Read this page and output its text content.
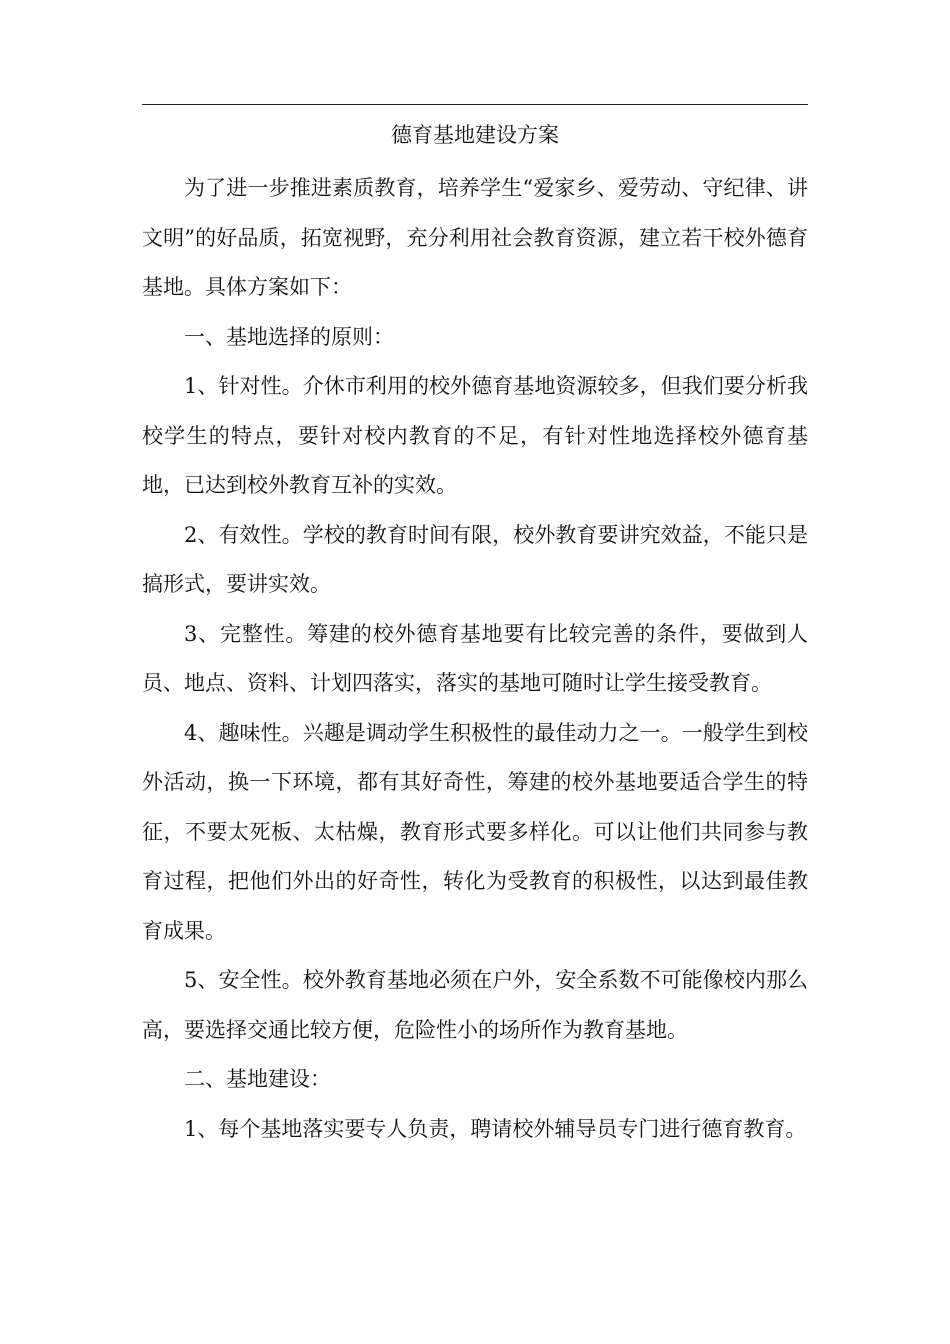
德育基地建设方案

为了进一步推进素质教育，培养学生“爱家乡、爱劳动、守纪律、讲文明”的好品质，拓宽视野，充分利用社会教育资源，建立若干校外德育基地。具体方案如下：

一、基地选择的原则：

1、针对性。介休市利用的校外德育基地资源较多，但我们要分析我校学生的特点，要针对校内教育的不足，有针对性地选择校外德育基地，已达到校外教育互补的实效。

2、有效性。学校的教育时间有限，校外教育要讲究效益，不能只是搞形式，要讲实效。

3、完整性。筹建的校外德育基地要有比较完善的条件，要做到人员、地点、资料、计划四落实，落实的基地可随时让学生接受教育。

4、趣味性。兴趣是调动学生积极性的最佳动力之一。一般学生到校外活动，换一下环境，都有其好奇性，筹建的校外基地要适合学生的特征，不要太死板、太枯燥，教育形式要多样化。可以让他们共同参与教育过程，把他们外出的好奇性，转化为受教育的积极性，以达到最佳教育成果。

5、安全性。校外教育基地必须在户外，安全系数不可能像校内那么高，要选择交通比较方便，危险性小的场所作为教育基地。

二、基地建设：

1、每个基地落实要专人负责，聘请校外辅导员专门进行德育教育。
